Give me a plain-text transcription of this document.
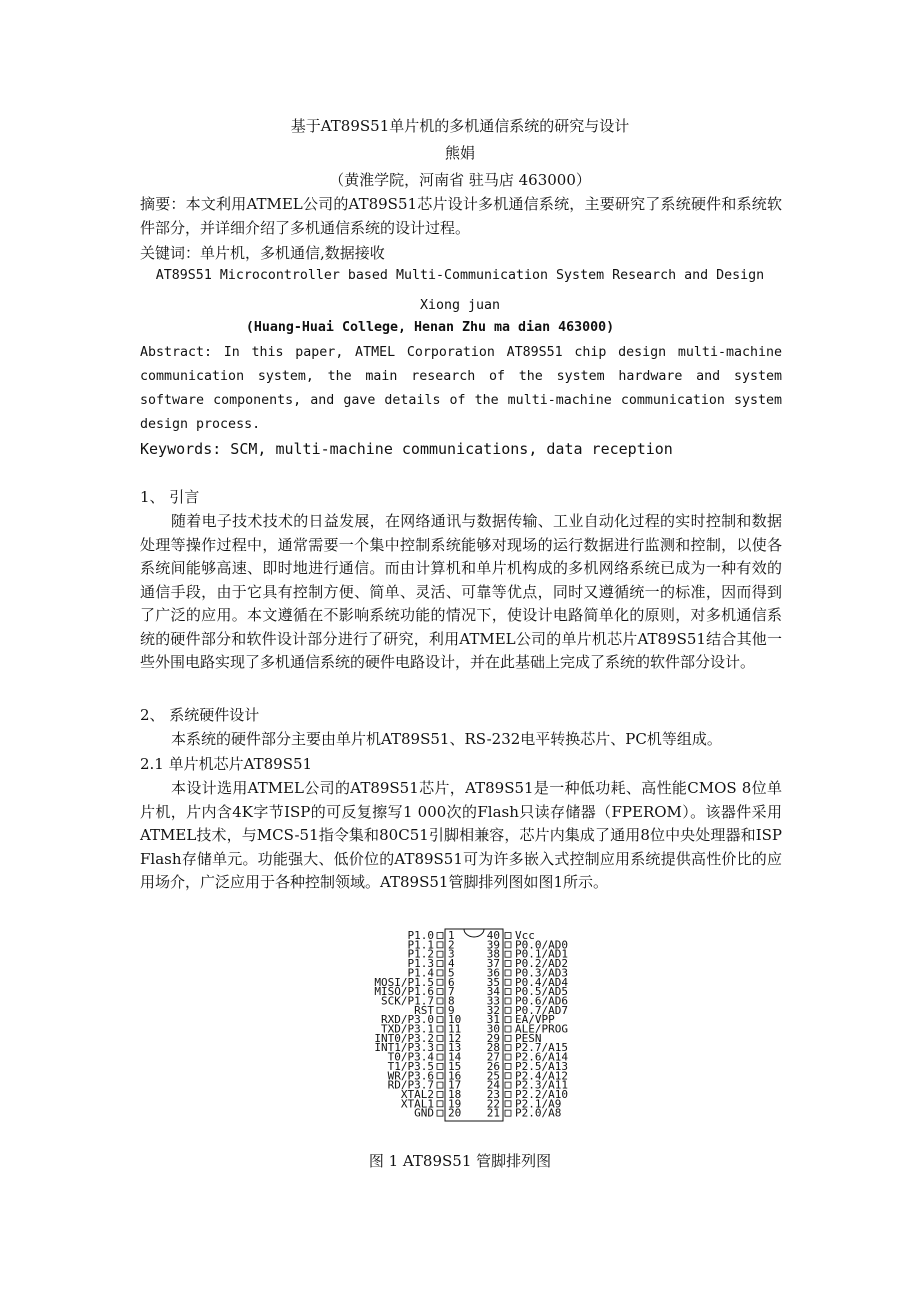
基于AT89S51单片机的多机通信系统的研究与设计
熊娟
（黄淮学院，河南省 驻马店 463000）
摘要：本文利用ATMEL公司的AT89S51芯片设计多机通信系统，主要研究了系统硬件和系统软件部分，并详细介绍了多机通信系统的设计过程。
关键词：单片机，多机通信,数据接收
AT89S51 Microcontroller based Multi-Communication System Research and Design
Xiong juan
(Huang-Huai College, Henan Zhu ma dian 463000)
Abstract: In this paper, ATMEL Corporation AT89S51 chip design multi-machine communication system, the main research of the system hardware and system software components, and gave details of the multi-machine communication system design process.
Keywords: SCM, multi-machine communications, data reception
1、 引言
随着电子技术技术的日益发展，在网络通讯与数据传输、工业自动化过程的实时控制和数据处理等操作过程中，通常需要一个集中控制系统能够对现场的运行数据进行监测和控制，以使各系统间能够高速、即时地进行通信。而由计算机和单片机构成的多机网络系统已成为一种有效的通信手段，由于它具有控制方便、简单、灵活、可靠等优点，同时又遵循统一的标准，因而得到了广泛的应用。本文遵循在不影响系统功能的情况下，使设计电路简单化的原则，对多机通信系统的硬件部分和软件设计部分进行了研究，利用ATMEL公司的单片机芯片AT89S51结合其他一些外围电路实现了多机通信系统的硬件电路设计，并在此基础上完成了系统的软件部分设计。
2、 系统硬件设计
本系统的硬件部分主要由单片机AT89S51、RS-232电平转换芯片、PC机等组成。
2.1 单片机芯片AT89S51
本设计选用ATMEL公司的AT89S51芯片，AT89S51是一种低功耗、高性能CMOS 8位单片机，片内含4K字节ISP的可反复擦写1 000次的Flash只读存储器（FPEROM）。该器件采用ATMEL技术，与MCS-51指令集和80C51引脚相兼容，芯片内集成了通用8位中央处理器和ISP Flash存储单元。功能强大、低价位的AT89S51可为许多嵌入式控制应用系统提供高性价比的应用场介，广泛应用于各种控制领域。AT89S51管脚排列图如图1所示。
P1.0 1
P1.1 2
P1.2 3
P1.3 4
P1.4 5
MOSI/P1.5 6
MISO/P1.6 7
SCK/P1.7 8
RST 9
RXD/P3.0 10
TXD/P3.1 11
INT0/P3.2 12
INT1/P3.3 13
T0/P3.4 14
T1/P3.5 15
WR/P3.6 16
RD/P3.7 17
XTAL2 18
XTAL1 19
GND 20
40 Vcc
39 P0.0/AD0
38 P0.1/AD1
37 P0.2/AD2
36 P0.3/AD3
35 P0.4/AD4
34 P0.5/AD5
33 P0.6/AD6
32 P0.7/AD7
31 EA/VPP
30 ALE/PROG
29 PESN
28 P2.7/A15
27 P2.6/A14
26 P2.5/A13
25 P2.4/A12
24 P2.3/A11
23 P2.2/A10
22 P2.1/A9
21 P2.0/A8
图 1 AT89S51 管脚排列图
